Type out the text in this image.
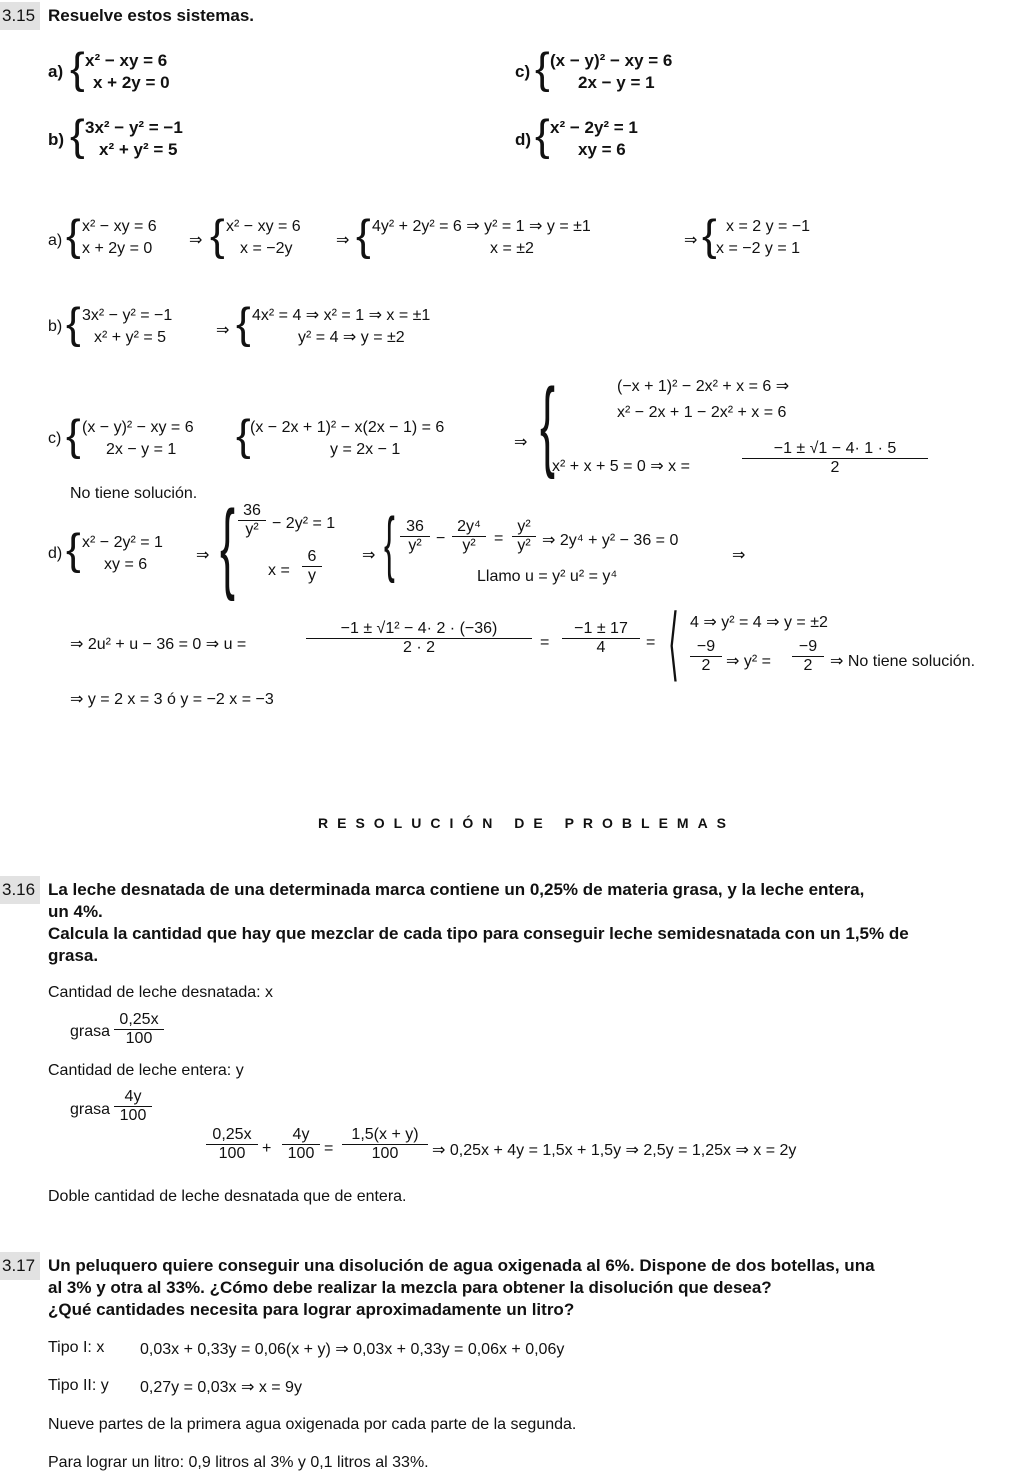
3.15 Resuelve estos sistemas.
a) { x² − xy = 6
x + 2y = 0
b) { 3x² − y² = −1
x² + y² = 5
c) { (x − y)² − xy = 6
2x − y = 1
d) { x² − 2y² = 1
xy = 6
a) { x² − xy = 6
x + 2y = 0 ⇒ { x² − xy = 6
x = −2y	⇒ { 4y² + 2y² = 6 ⇒ y² = 1 ⇒ y = ±1
x = ±2	⇒ { x = 2 y = −1
x = −2 y = 1
b) { 3x² − y² = −1
x² + y² = 5	⇒ { 4x² = 4 ⇒ x² = 1 ⇒ x = ±1
y² = 4 ⇒ y = ±2
c) { (x − y)² − xy = 6
2x − y = 1	{ (x − 2x + 1)² − x(2x − 1) = 6
y = 2x − 1	⇒ {	(−x + 1)² − 2x² + x = 6 ⇒
x² − 2x + 1 − 2x² + x = 6
x² + x + 5 = 0 ⇒ x =	$\frac{-1 \pm √1 - 4\cdot 1 \cdot 5}{2}$
No tiene solución.
d) { x² − 2y² = 1
xy = 6
⇒ { $\frac{36}{\text{y²}} - 2y^2 = 1$
$x = \frac{6}{y}$	⇒ { $\frac{36}{\text{y²}} - \frac{\text{2y⁴}}{\text{y²}} = \frac{\text{y²}}{\text{y²}}$ ⇒ 2y⁴ + y² − 36 = 0
Llamo u = y² u² = y⁴
⇒
⇒ 2u² + u − 36 = 0 ⇒ u =	$\frac{\text{−1 ± √1² − 4· 2 · (−36)}}{2 \cdot 2} = \frac{-1 \pm 17}{4}$ = ⟨ 4 ⇒ y² = 4 ⇒ y = ±2
$\frac{-9}{2}$ ⇒ $y^2 = \frac{-9}{2}$ ⇒ No tiene solución.
⇒ y = 2 x = 3 ó y = −2 x = −3
RESOLUCIÓN DE PROBLEMAS
3.16 La leche desnatada de una determinada marca contiene un 0,25% de materia grasa, y la leche entera,
un 4%.
Calcula la cantidad que hay que mezclar de cada tipo para conseguir leche semidesnatada con un 1,5% de
grasa.
Cantidad de leche desnatada: x
grasa $\frac{0,25x}{100}$
Cantidad de leche entera: y
grasa $\frac{4y}{100}$
$\frac{0,25x}{100} + \frac{4y}{100} = \frac{1,5(x + y)}{100}$ ⇒ 0,25x + 4y = 1,5x + 1,5y ⇒ 2,5y = 1,25x ⇒ x = 2y
Doble cantidad de leche desnatada que de entera.
3.17 Un peluquero quiere conseguir una disolución de agua oxigenada al 6%. Dispone de dos botellas, una
al 3% y otra al 33%. ¿Cómo debe realizar la mezcla para obtener la disolución que desea?
¿Qué cantidades necesita para lograr aproximadamente un litro?
Tipo I: x 0,03x + 0,33y = 0,06(x + y) ⇒ 0,03x + 0,33y = 0,06x + 0,06y
Tipo II: y 0,27y = 0,03x ⇒ x = 9y
Nueve partes de la primera agua oxigenada por cada parte de la segunda.
Para lograr un litro: 0,9 litros al 3% y 0,1 litros al 33%.
